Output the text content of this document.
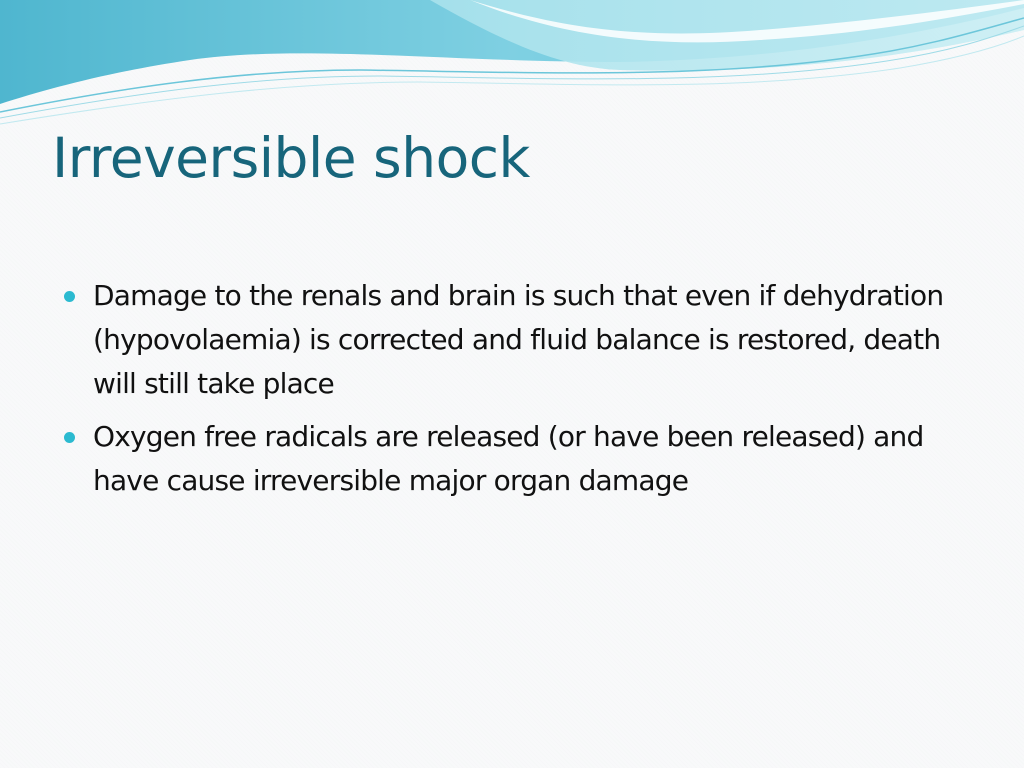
Irreversible shock
Damage to the renals and brain is such that even if dehydration (hypovolaemia) is corrected and fluid balance is restored, death will still take place
Oxygen free radicals are released (or have been released) and have cause irreversible major organ damage
